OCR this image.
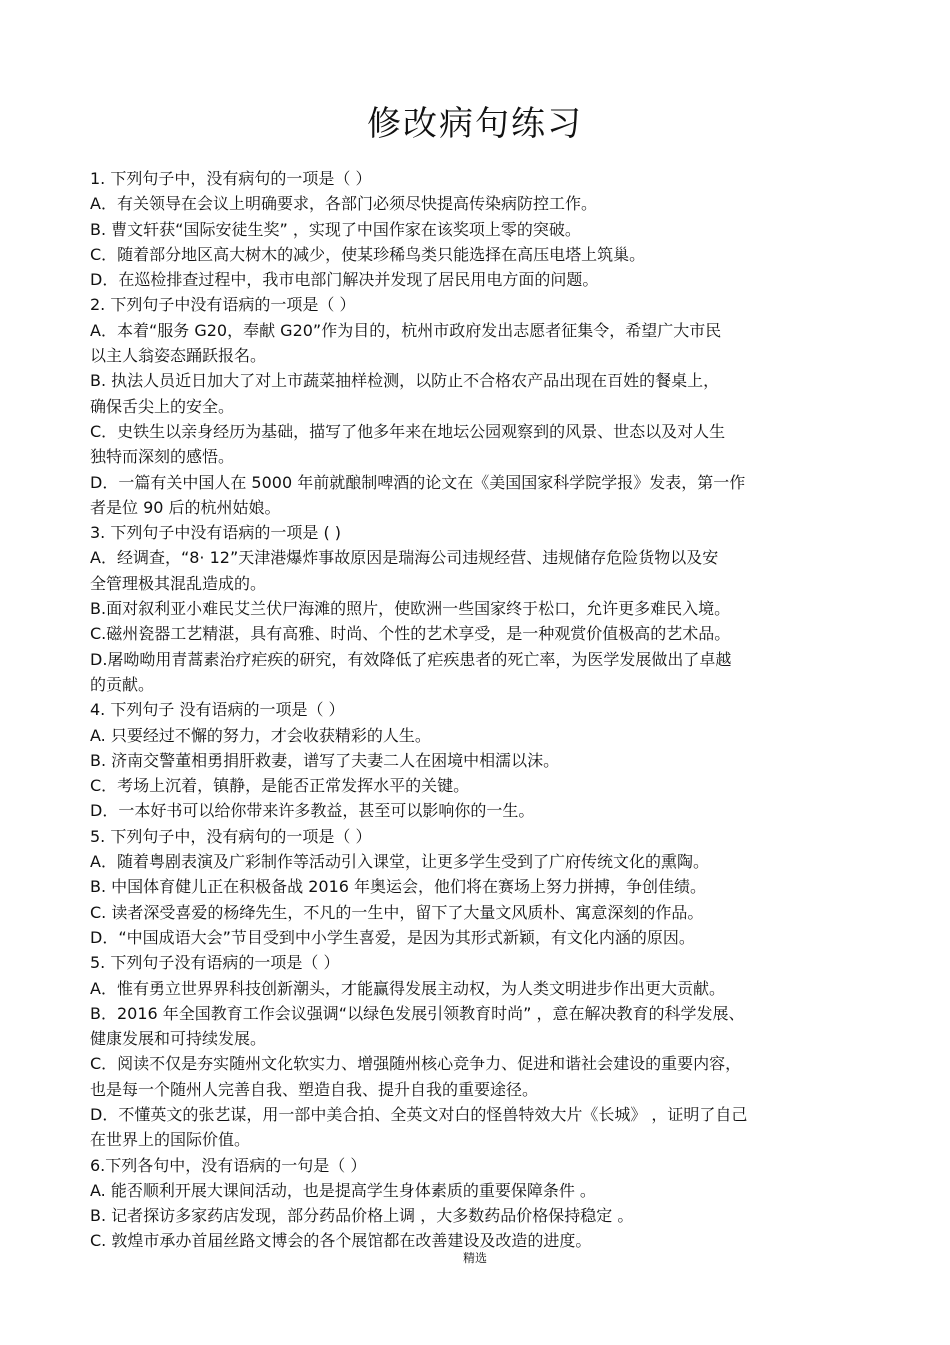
修改病句练习
1. 下列句子中，没有病句的一项是（ ）
A．有关领导在会议上明确要求，各部门必须尽快提高传染病防控工作。
B. 曹文轩获“国际安徒生奖” ，实现了中国作家在该奖项上零的突破。
C．随着部分地区高大树木的减少，使某珍稀鸟类只能选择在高压电塔上筑巢。
D．在巡检排查过程中，我市电部门解决并发现了居民用电方面的问题。
2. 下列句子中没有语病的一项是（ ）
A．本着“服务 G20，奉献 G20”作为目的，杭州市政府发出志愿者征集令，希望广大市民
以主人翁姿态踊跃报名。
B. 执法人员近日加大了对上市蔬菜抽样检测，以防止不合格农产品出现在百姓的餐桌上，
确保舌尖上的安全。
C．史铁生以亲身经历为基础，描写了他多年来在地坛公园观察到的风景、世态以及对人生
独特而深刻的感悟。
D．一篇有关中国人在 5000 年前就酿制啤酒的论文在《美国国家科学院学报》发表，第一作
者是位 90 后的杭州姑娘。
3. 下列句子中没有语病的一项是 ( )
A．经调查，“8· 12”天津港爆炸事故原因是瑞海公司违规经营、违规储存危险货物以及安
全管理极其混乱造成的。
B.面对叙利亚小难民艾兰伏尸海滩的照片，使欧洲一些国家终于松口，允许更多难民入境。
C.磁州瓷器工艺精湛，具有高雅、时尚、个性的艺术享受，是一种观赏价值极高的艺术品。
D.屠呦呦用青蒿素治疗疟疾的研究，有效降低了疟疾患者的死亡率，为医学发展做出了卓越
的贡献。
4. 下列句子 没有语病的一项是（ ）
A. 只要经过不懈的努力，才会收获精彩的人生。
B. 济南交警董相勇捐肝救妻，谱写了夫妻二人在困境中相濡以沫。
C．考场上沉着，镇静，是能否正常发挥水平的关键。
D．一本好书可以给你带来许多教益，甚至可以影响你的一生。
5. 下列句子中，没有病句的一项是（ ）
A．随着粤剧表演及广彩制作等活动引入课堂，让更多学生受到了广府传统文化的熏陶。
B. 中国体育健儿正在积极备战 2016 年奥运会，他们将在赛场上努力拼搏，争创佳绩。
C. 读者深受喜爱的杨绛先生，不凡的一生中，留下了大量文风质朴、寓意深刻的作品。
D．“中国成语大会”节目受到中小学生喜爱，是因为其形式新颖，有文化内涵的原因。
5. 下列句子没有语病的一项是（ ）
A．惟有勇立世界界科技创新潮头，才能赢得发展主动权，为人类文明进步作出更大贡献。
B．2016 年全国教育工作会议强调“以绿色发展引领教育时尚” ，意在解决教育的科学发展、
健康发展和可持续发展。
C．阅读不仅是夯实随州文化软实力、增强随州核心竞争力、促进和谐社会建设的重要内容，
也是每一个随州人完善自我、塑造自我、提升自我的重要途径。
D．不懂英文的张艺谋，用一部中美合拍、全英文对白的怪兽特效大片《长城》 ，证明了自己
在世界上的国际价值。
6.下列各句中，没有语病的一句是（ ）
A. 能否顺利开展大课间活动，也是提高学生身体素质的重要保障条件 。
B. 记者探访多家药店发现，部分药品价格上调 ，大多数药品价格保持稳定 。
C. 敦煌市承办首届丝路文博会的各个展馆都在改善建设及改造的进度。
精选
